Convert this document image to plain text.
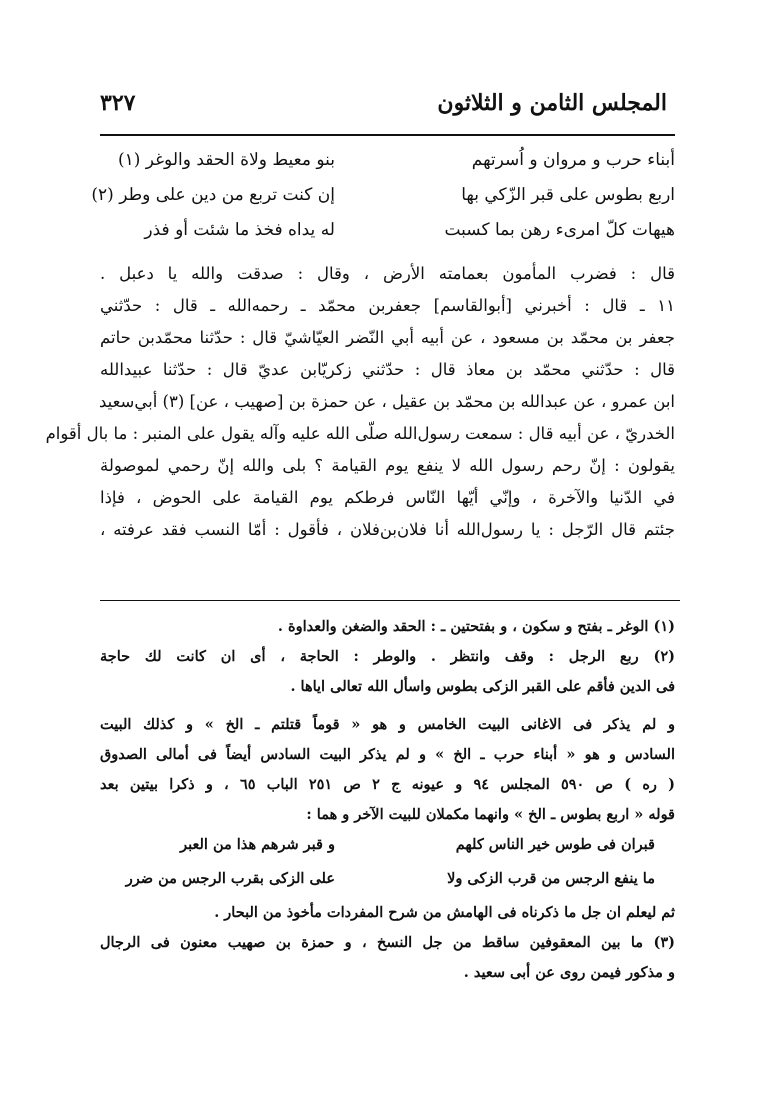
المجلس الثامن و الثلاثون
٣٢٧
أبناء حرب و مروان و اُسرتهم
بنو معيط ولاة الحقد والوغر (١)
اربع بطوس على قبر الزّكي بها
إن كنت تربع من دين على وطر (٢)
هيهات كلّ امرىء رهن بما كسبت
له يداه فخذ ما شئت أو فذر
قال : فضرب المأمون بعمامته الأرض ، وقال : صدقت والله يا دعبل .
١١ ـ قال : أخبرني [أبوالقاسم] جعفربن محمّد ـ رحمه‌الله ـ قال : حدّثني
جعفر بن محمّد بن مسعود ، عن أبيه أبي النّضر العيّاشيّ قال : حدّثنا محمّدبن حاتم
قال : حدّثني محمّد بن معاذ قال : حدّثني زكريّابن عديّ قال : حدّثنا عبيدالله
ابن عمرو ، عن عبدالله بن محمّد بن عقيل ، عن حمزة بن [صهيب ، عن] (٣) أبي‌سعيد
الخدريّ ، عن أبيه قال : سمعت رسول‌الله صلّى الله عليه وآله يقول على المنبر : ما بال أقوام
يقولون : إنّ رحم رسول الله لا ينفع يوم القيامة ؟ بلى والله إنّ رحمي لموصولة
في الدّنيا والآخرة ، وإنّي أيّها النّاس فرطكم يوم القيامة على الحوض ، فإذا
جئتم قال الرّجل : يا رسول‌الله أنا فلان‌بن‌فلان ، فأقول : أمّا النسب فقد عرفته ،
(١) الوغر ـ بفتح و سكون ، و بفتحتين ـ : الحقد والضغن والعداوة .
(٢) ربع الرجل : وقف وانتظر . والوطر : الحاجة ، أى ان كانت لك حاجة
فى الدين فأقم على القبر الزكى بطوس واسأل الله تعالى اياها .
و لم يذكر فى الاغانى البيت الخامس و هو « قوماً قتلتم ـ الخ » و كذلك البيت
السادس و هو « أبناء حرب ـ الخ » و لم يذكر البيت السادس أيضاً فى أمالى الصدوق
( ره ) ص ٥٩٠ المجلس ٩٤ و عيونه ج ٢ ص ٢٥١ الباب ٦٥ ، و ذكرا بيتين بعد
قوله « اربع بطوس ـ الخ » وانهما مكملان للبيت الآخر و هما :
قبران فى طوس خير الناس كلهم
و قبر شرهم هذا من العبر
ما ينفع الرجس من قرب الزكى ولا
على الزكى بقرب الرجس من ضرر
ثم ليعلم ان جل ما ذكرناه فى الهامش من شرح المفردات مأخوذ من البحار .
(٣) ما بين المعقوفين ساقط من جل النسخ ، و حمزة بن صهيب معنون فى الرجال
و مذكور فيمن روى عن أبى سعيد .
